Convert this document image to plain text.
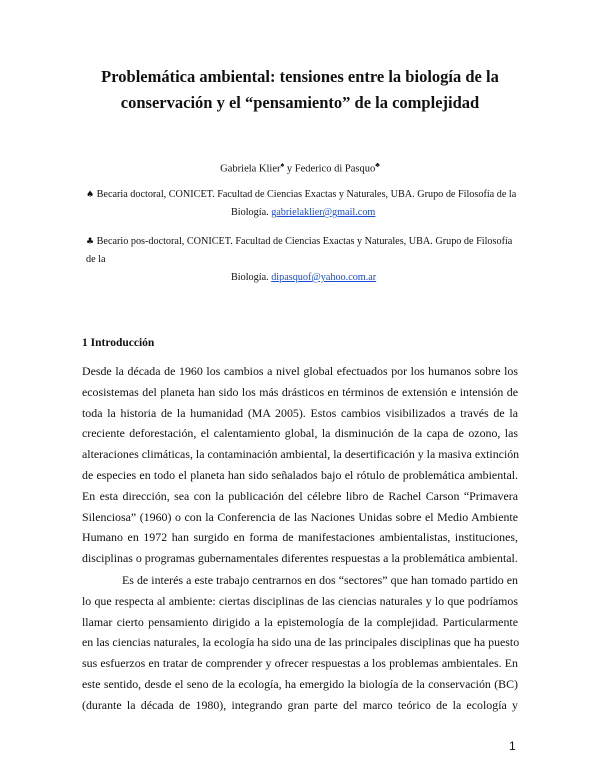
Problemática ambiental: tensiones entre la biología de la
conservación y el “pensamiento” de la complejidad

Gabriela Klier♠ y Federico di Pasquo♣

♠ Becaria doctoral, CONICET. Facultad de Ciencias Exactas y Naturales, UBA. Grupo de Filosofía de la
Biología. gabrielaklier@gmail.com

♣ Becario pos-doctoral, CONICET. Facultad de Ciencias Exactas y Naturales, UBA. Grupo de Filosofía de la
Biología. dipasquof@yahoo.com.ar

1 Introducción

Desde la década de 1960 los cambios a nivel global efectuados por los humanos sobre los
ecosistemas del planeta han sido los más drásticos en términos de extensión e intensión de
toda la historia de la humanidad (MA 2005). Estos cambios visibilizados a través de la
creciente deforestación, el calentamiento global, la disminución de la capa de ozono, las
alteraciones climáticas, la contaminación ambiental, la desertificación y la masiva extinción
de especies en todo el planeta han sido señalados bajo el rótulo de problemática ambiental.
En esta dirección, sea con la publicación del célebre libro de Rachel Carson “Primavera
Silenciosa” (1960) o con la Conferencia de las Naciones Unidas sobre el Medio Ambiente
Humano en 1972 han surgido en forma de manifestaciones ambientalistas, instituciones,
disciplinas o programas gubernamentales diferentes respuestas a la problemática ambiental.

Es de interés a este trabajo centrarnos en dos “sectores” que han tomado partido en
lo que respecta al ambiente: ciertas disciplinas de las ciencias naturales y lo que podríamos
llamar cierto pensamiento dirigido a la epistemología de la complejidad. Particularmente
en las ciencias naturales, la ecología ha sido una de las principales disciplinas que ha puesto
sus esfuerzos en tratar de comprender y ofrecer respuestas a los problemas ambientales. En
este sentido, desde el seno de la ecología, ha emergido la biología de la conservación (BC)
(durante la década de 1980), integrando gran parte del marco teórico de la ecología y

1
